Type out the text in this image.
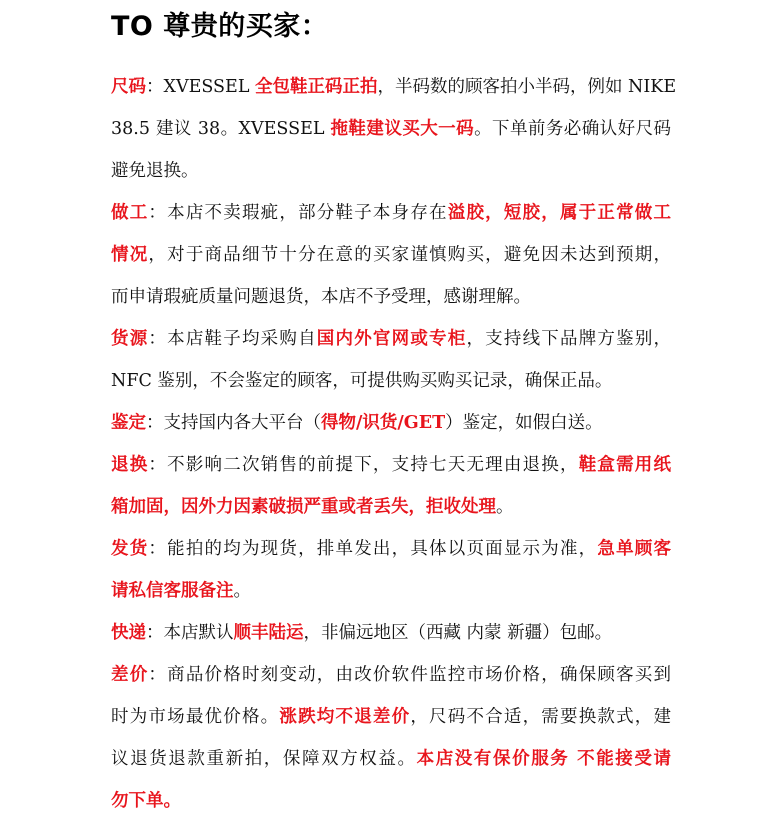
TO 尊贵的买家：
尺码：XVESSEL 全包鞋正码正拍，半码数的顾客拍小半码，例如 NIKE
38.5 建议 38。XVESSEL 拖鞋建议买大一码。下单前务必确认好尺码
避免退换。
做工：本店不卖瑕疵，部分鞋子本身存在溢胶，短胶，属于正常做工
情况，对于商品细节十分在意的买家谨慎购买，避免因未达到预期，
而申请瑕疵质量问题退货，本店不予受理，感谢理解。
货源：本店鞋子均采购自国内外官网或专柜，支持线下品牌方鉴别，
NFC 鉴别，不会鉴定的顾客，可提供购买购买记录，确保正品。
鉴定：支持国内各大平台（得物/识货/GET）鉴定，如假白送。
退换：不影响二次销售的前提下，支持七天无理由退换，鞋盒需用纸
箱加固，因外力因素破损严重或者丢失，拒收处理。
发货：能拍的均为现货，排单发出，具体以页面显示为准，急单顾客
请私信客服备注。
快递：本店默认顺丰陆运，非偏远地区（西藏 内蒙 新疆）包邮。
差价：商品价格时刻变动，由改价软件监控市场价格，确保顾客买到
时为市场最优价格。涨跌均不退差价，尺码不合适，需要换款式，建
议退货退款重新拍，保障双方权益。本店没有保价服务 不能接受请
勿下单。
